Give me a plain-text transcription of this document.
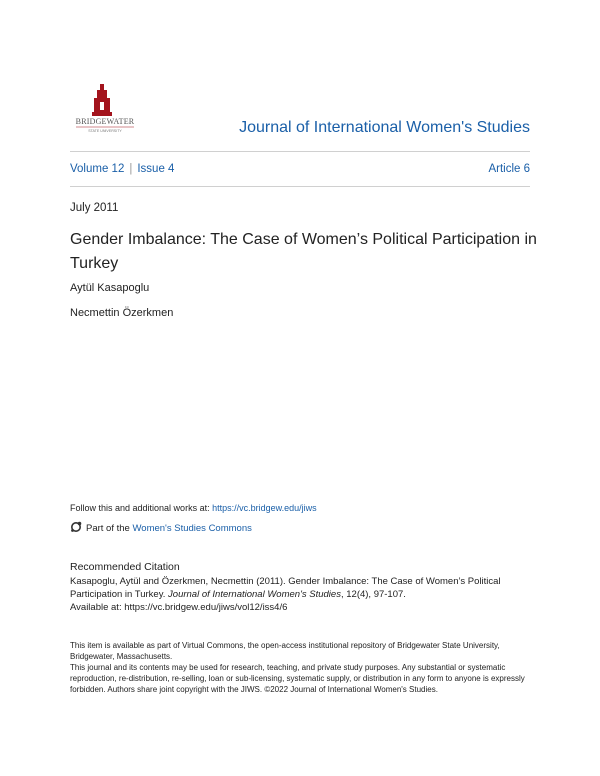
BRIDGEWATER
STATE UNIVERSITY	Journal of International Women's Studies
Volume 12 | Issue 4	Article 6
July 2011
Gender Imbalance: The Case of Women’s Political Participation in Turkey
Aytül Kasapoglu
Necmettin Özerkmen
Follow this and additional works at: https://vc.bridgew.edu/jiws
Part of the Women's Studies Commons
Recommended Citation
Kasapoglu, Aytül and Özerkmen, Necmettin (2011). Gender Imbalance: The Case of Women’s Political Participation in Turkey. Journal of International Women's Studies, 12(4), 97-107.
Available at: https://vc.bridgew.edu/jiws/vol12/iss4/6
This item is available as part of Virtual Commons, the open-access institutional repository of Bridgewater State University, Bridgewater, Massachusetts.
This journal and its contents may be used for research, teaching, and private study purposes. Any substantial or systematic reproduction, re-distribution, re-selling, loan or sub-licensing, systematic supply, or distribution in any form to anyone is expressly forbidden. Authors share joint copyright with the JIWS. ©2022 Journal of International Women's Studies.
